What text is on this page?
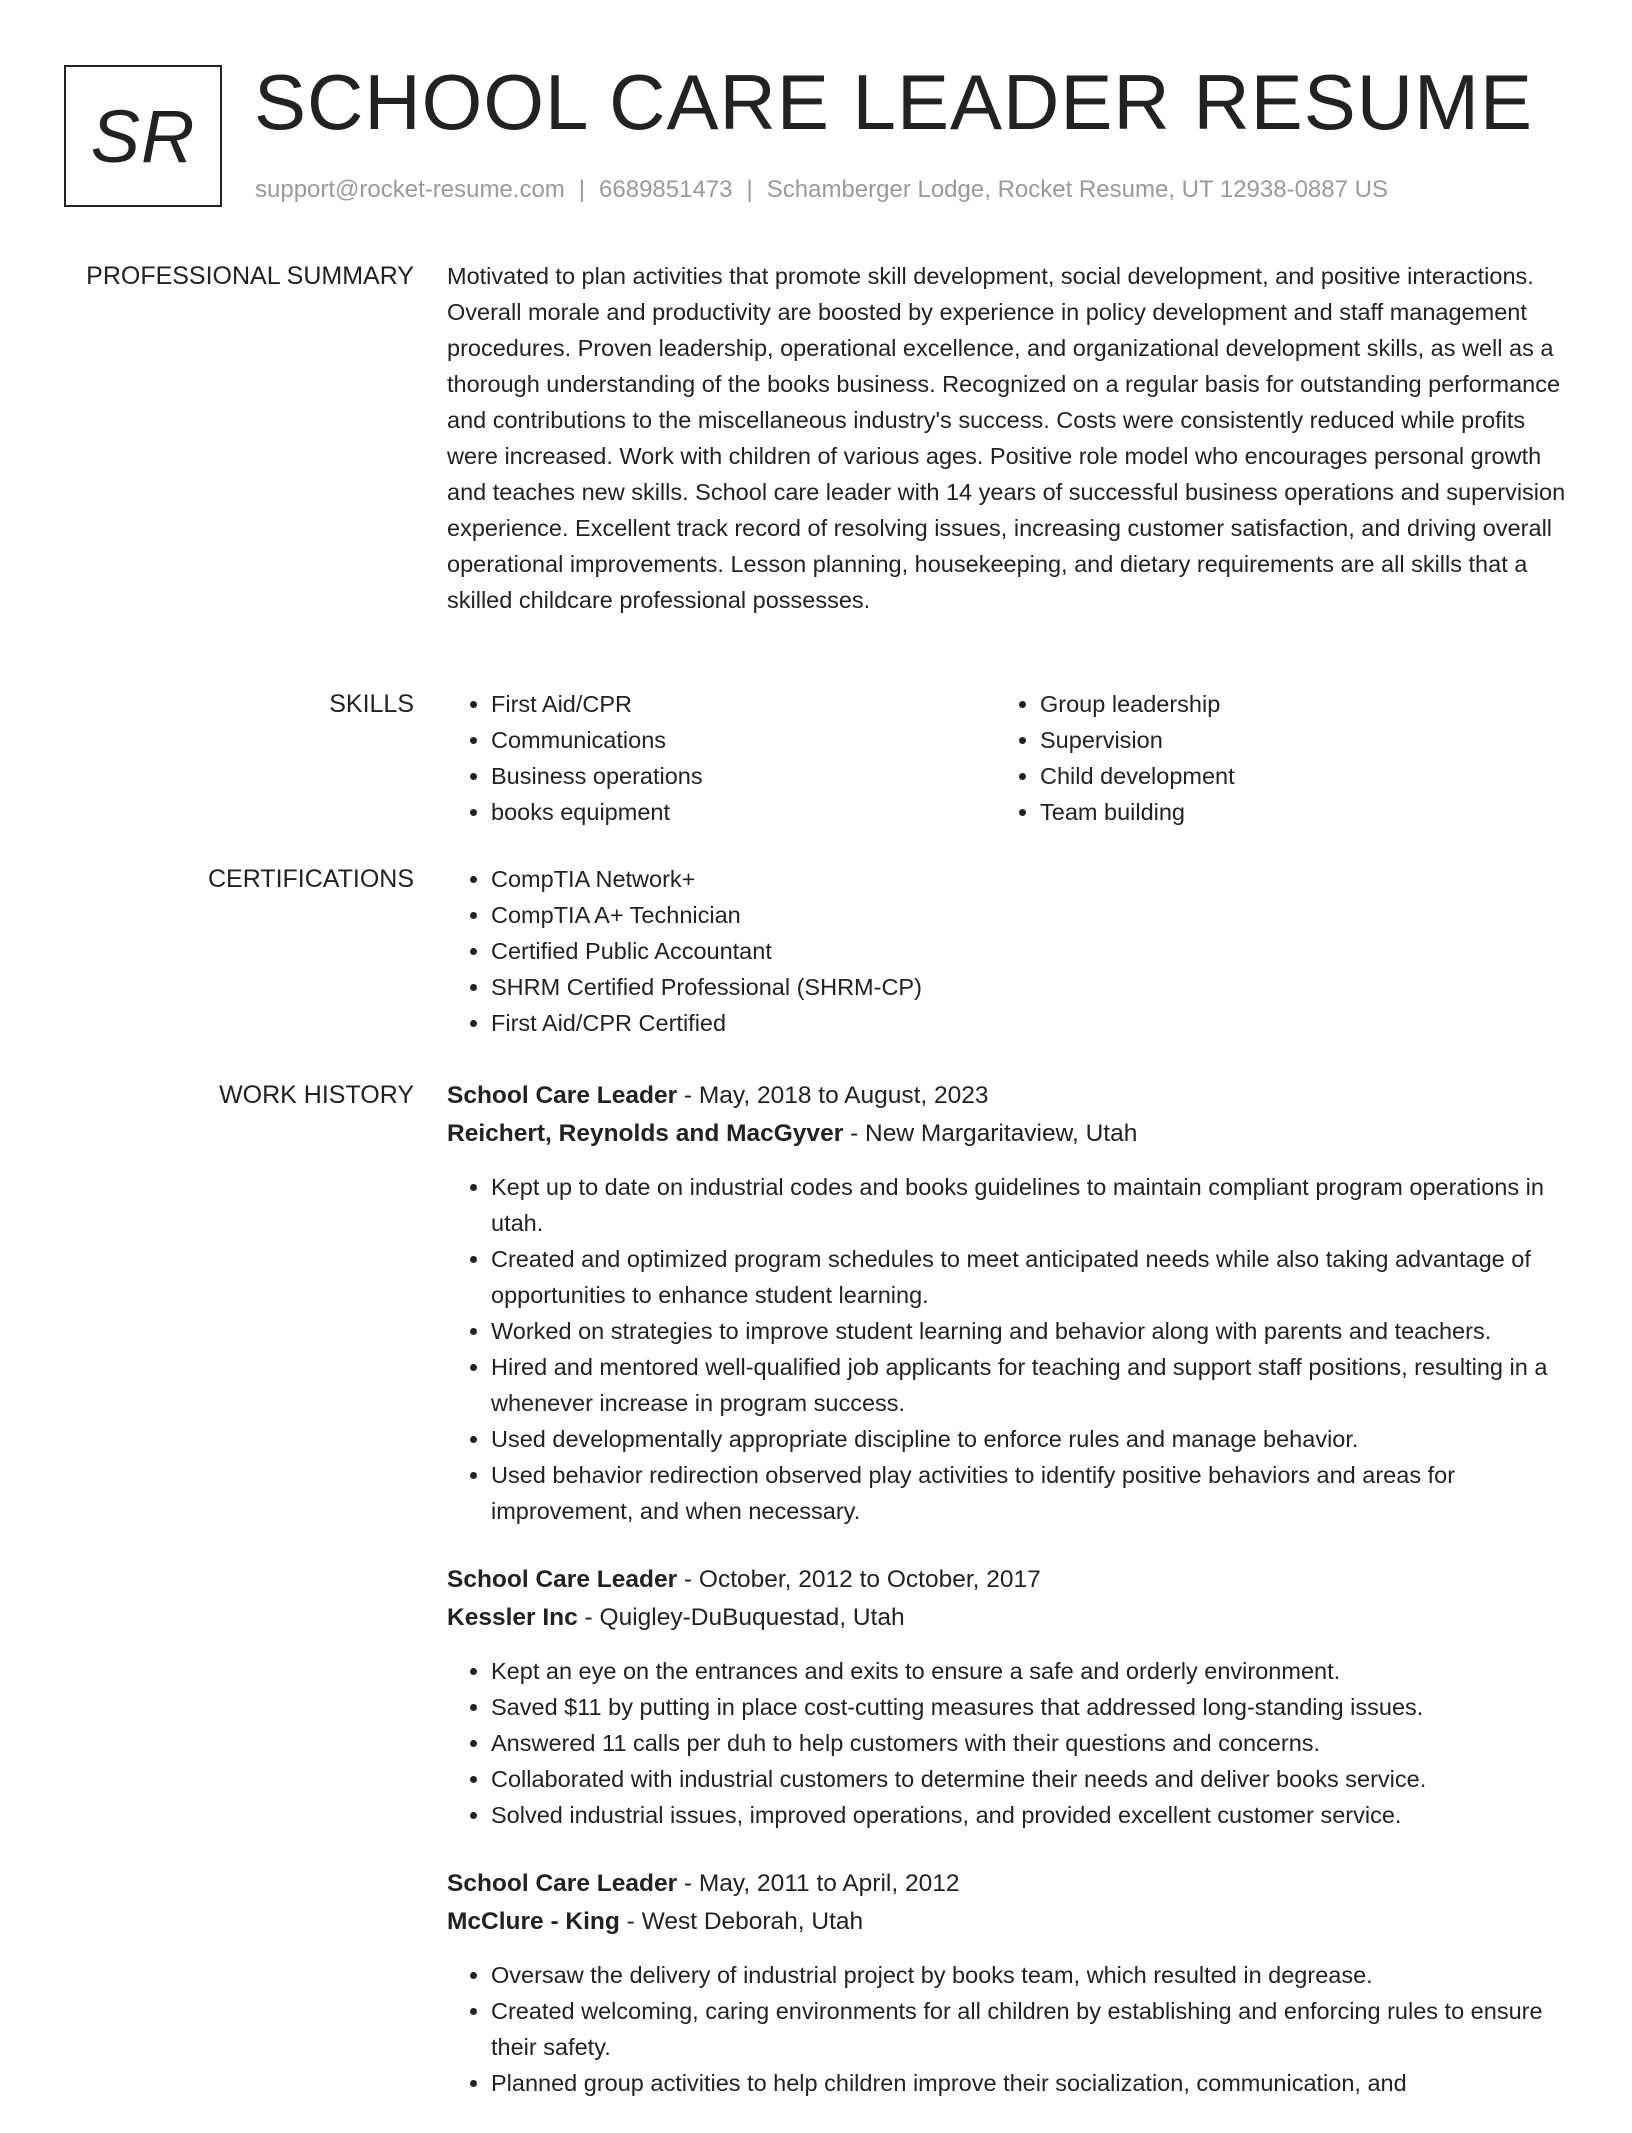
SR SCHOOL CARE LEADER RESUME
support@rocket-resume.com | 6689851473 | Schamberger Lodge, Rocket Resume, UT 12938-0887 US
PROFESSIONAL SUMMARY Motivated to plan activities that promote skill development, social development, and positive interactions. Overall morale and productivity are boosted by experience in policy development and staff management procedures. Proven leadership, operational excellence, and organizational development skills, as well as a thorough understanding of the books business. Recognized on a regular basis for outstanding performance and contributions to the miscellaneous industry's success. Costs were consistently reduced while profits were increased. Work with children of various ages. Positive role model who encourages personal growth and teaches new skills. School care leader with 14 years of successful business operations and supervision experience. Excellent track record of resolving issues, increasing customer satisfaction, and driving overall operational improvements. Lesson planning, housekeeping, and dietary requirements are all skills that a skilled childcare professional possesses.

SKILLS	• First Aid/CPR
• Communications
• Business operations
• books equipment
• Group leadership
• Supervision
• Child development
• Team building
CERTIFICATIONS	• CompTIA Network+
• CompTIA A+ Technician
• Certified Public Accountant
• SHRM Certified Professional (SHRM-CP)
• First Aid/CPR Certified
WORK HISTORY School Care Leader - May, 2018 to August, 2023
Reichert, Reynolds and MacGyver - New Margaritaview, Utah
• Kept up to date on industrial codes and books guidelines to maintain compliant program operations in utah.
• Created and optimized program schedules to meet anticipated needs while also taking advantage of opportunities to enhance student learning.
• Worked on strategies to improve student learning and behavior along with parents and teachers.
• Hired and mentored well-qualified job applicants for teaching and support staff positions, resulting in a whenever increase in program success.
• Used developmentally appropriate discipline to enforce rules and manage behavior.
• Used behavior redirection observed play activities to identify positive behaviors and areas for improvement, and when necessary.
School Care Leader - October, 2012 to October, 2017
Kessler Inc - Quigley-DuBuquestad, Utah
• Kept an eye on the entrances and exits to ensure a safe and orderly environment.
• Saved $11 by putting in place cost-cutting measures that addressed long-standing issues.
• Answered 11 calls per duh to help customers with their questions and concerns.
• Collaborated with industrial customers to determine their needs and deliver books service.
• Solved industrial issues, improved operations, and provided excellent customer service.
School Care Leader - May, 2011 to April, 2012
McClure - King - West Deborah, Utah
• Oversaw the delivery of industrial project by books team, which resulted in degrease.
• Created welcoming, caring environments for all children by establishing and enforcing rules to ensure their safety.
• Planned group activities to help children improve their socialization, communication, and
